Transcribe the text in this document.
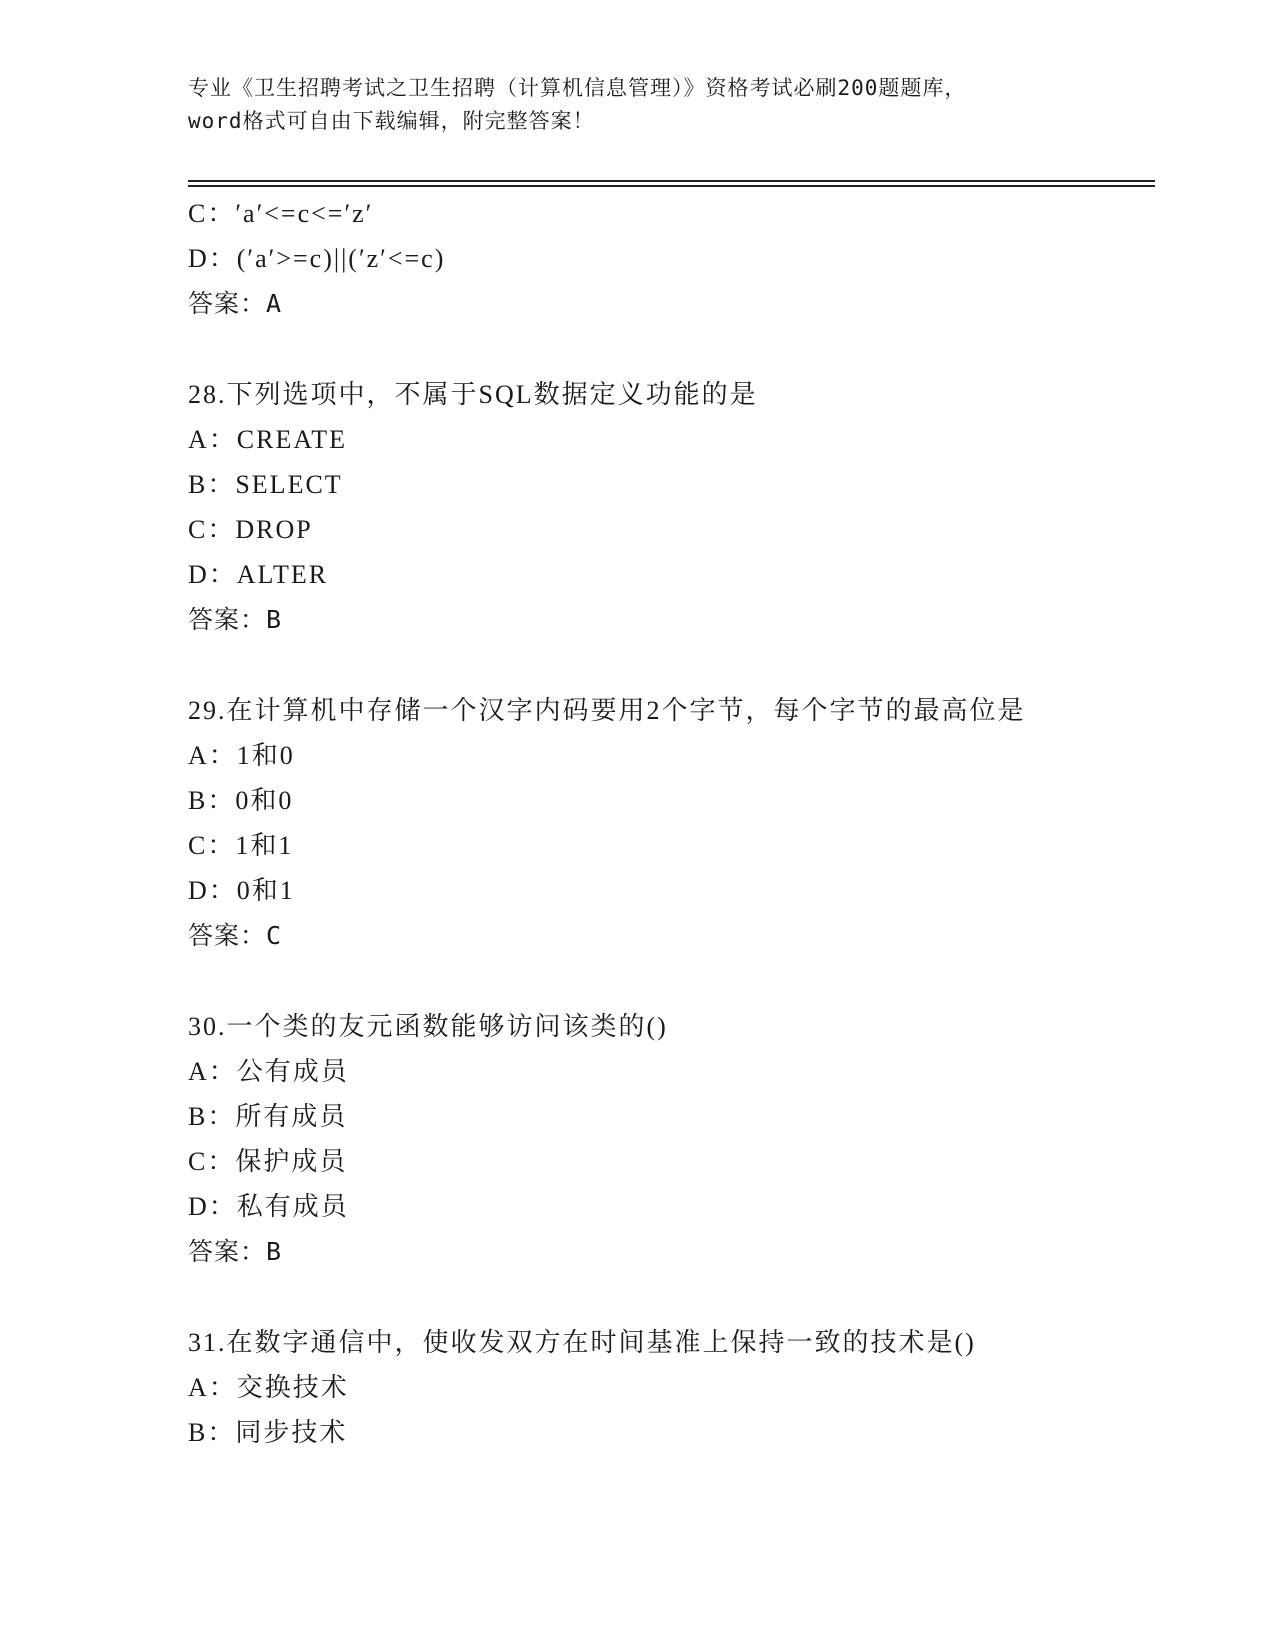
专业《卫生招聘考试之卫生招聘（计算机信息管理）》资格考试必刷200题题库，
word格式可自由下载编辑，附完整答案！
C：′a′<=c<=′z′
D：(′a′>=c)||(′z′<=c)
答案：A
28.下列选项中，不属于SQL数据定义功能的是
A：CREATE
B：SELECT
C：DROP
D：ALTER
答案：B
29.在计算机中存储一个汉字内码要用2个字节，每个字节的最高位是
A：1和0
B：0和0
C：1和1
D：0和1
答案：C
30.一个类的友元函数能够访问该类的()
A：公有成员
B：所有成员
C：保护成员
D：私有成员
答案：B
31.在数字通信中，使收发双方在时间基准上保持一致的技术是()
A：交换技术
B：同步技术
